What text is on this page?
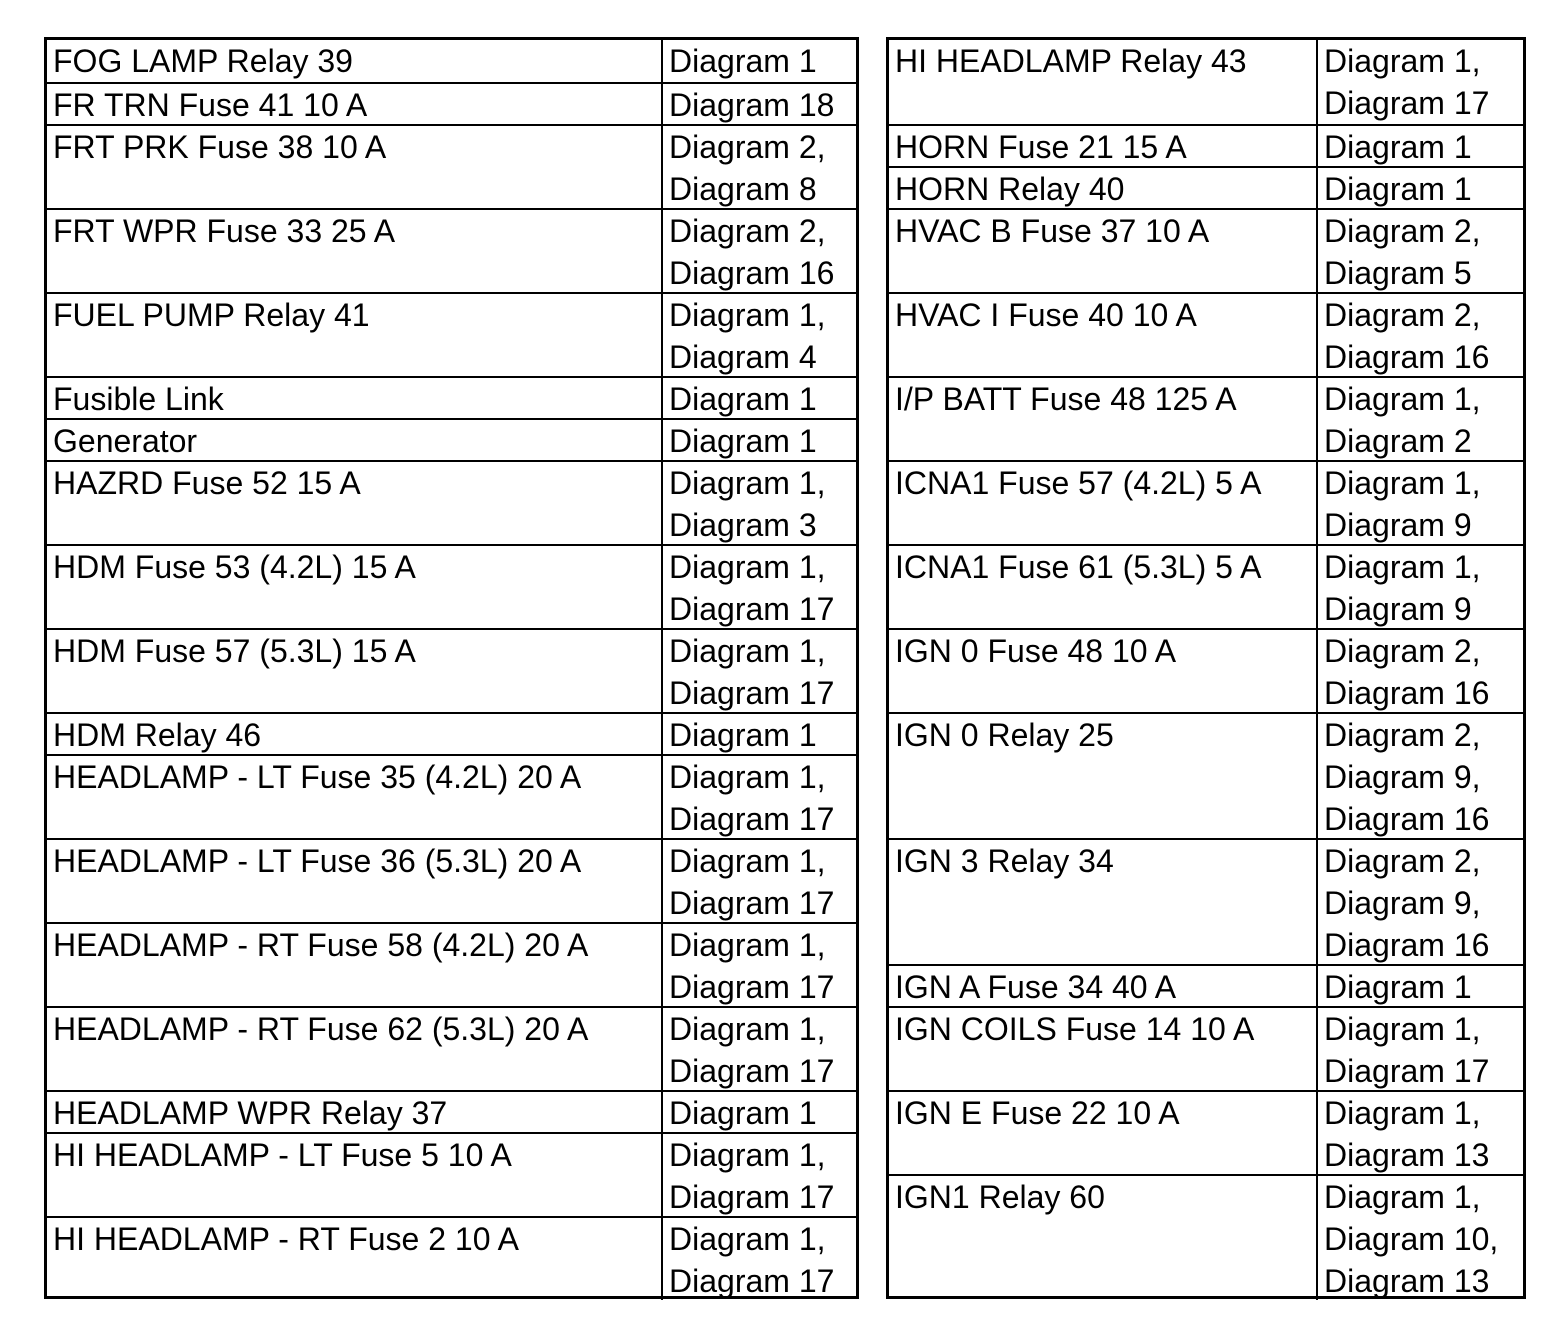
FOG LAMP Relay 39	Diagram 1
FR TRN Fuse 41 10 A	Diagram 18
FRT PRK Fuse 38 10 A	Diagram 2,
Diagram 8
FRT WPR Fuse 33 25 A	Diagram 2,
Diagram 16
FUEL PUMP Relay 41	Diagram 1,
Diagram 4
Fusible Link	Diagram 1
Generator	Diagram 1
HAZRD Fuse 52 15 A	Diagram 1,
Diagram 3
HDM Fuse 53 (4.2L) 15 A	Diagram 1,
Diagram 17
HDM Fuse 57 (5.3L) 15 A	Diagram 1,
Diagram 17
HDM Relay 46	Diagram 1
HEADLAMP - LT Fuse 35 (4.2L) 20 A	Diagram 1,
Diagram 17
HEADLAMP - LT Fuse 36 (5.3L) 20 A	Diagram 1,
Diagram 17
HEADLAMP - RT Fuse 58 (4.2L) 20 A	Diagram 1,
Diagram 17
HEADLAMP - RT Fuse 62 (5.3L) 20 A	Diagram 1,
Diagram 17
HEADLAMP WPR Relay 37	Diagram 1
HI HEADLAMP - LT Fuse 5 10 A	Diagram 1,
Diagram 17
HI HEADLAMP - RT Fuse 2 10 A	Diagram 1,
Diagram 17
HI HEADLAMP Relay 43	Diagram 1,
Diagram 17
HORN Fuse 21 15 A	Diagram 1
HORN Relay 40	Diagram 1
HVAC B Fuse 37 10 A	Diagram 2,
Diagram 5
HVAC I Fuse 40 10 A	Diagram 2,
Diagram 16
I/P BATT Fuse 48 125 A	Diagram 1,
Diagram 2
ICNA1 Fuse 57 (4.2L) 5 A	Diagram 1,
Diagram 9
ICNA1 Fuse 61 (5.3L) 5 A	Diagram 1,
Diagram 9
IGN 0 Fuse 48 10 A	Diagram 2,
Diagram 16
IGN 0 Relay 25	Diagram 2,
Diagram 9,
Diagram 16
IGN 3 Relay 34	Diagram 2,
Diagram 9,
Diagram 16
IGN A Fuse 34 40 A	Diagram 1
IGN COILS Fuse 14 10 A	Diagram 1,
Diagram 17
IGN E Fuse 22 10 A	Diagram 1,
Diagram 13
IGN1 Relay 60	Diagram 1,
Diagram 10,
Diagram 13
